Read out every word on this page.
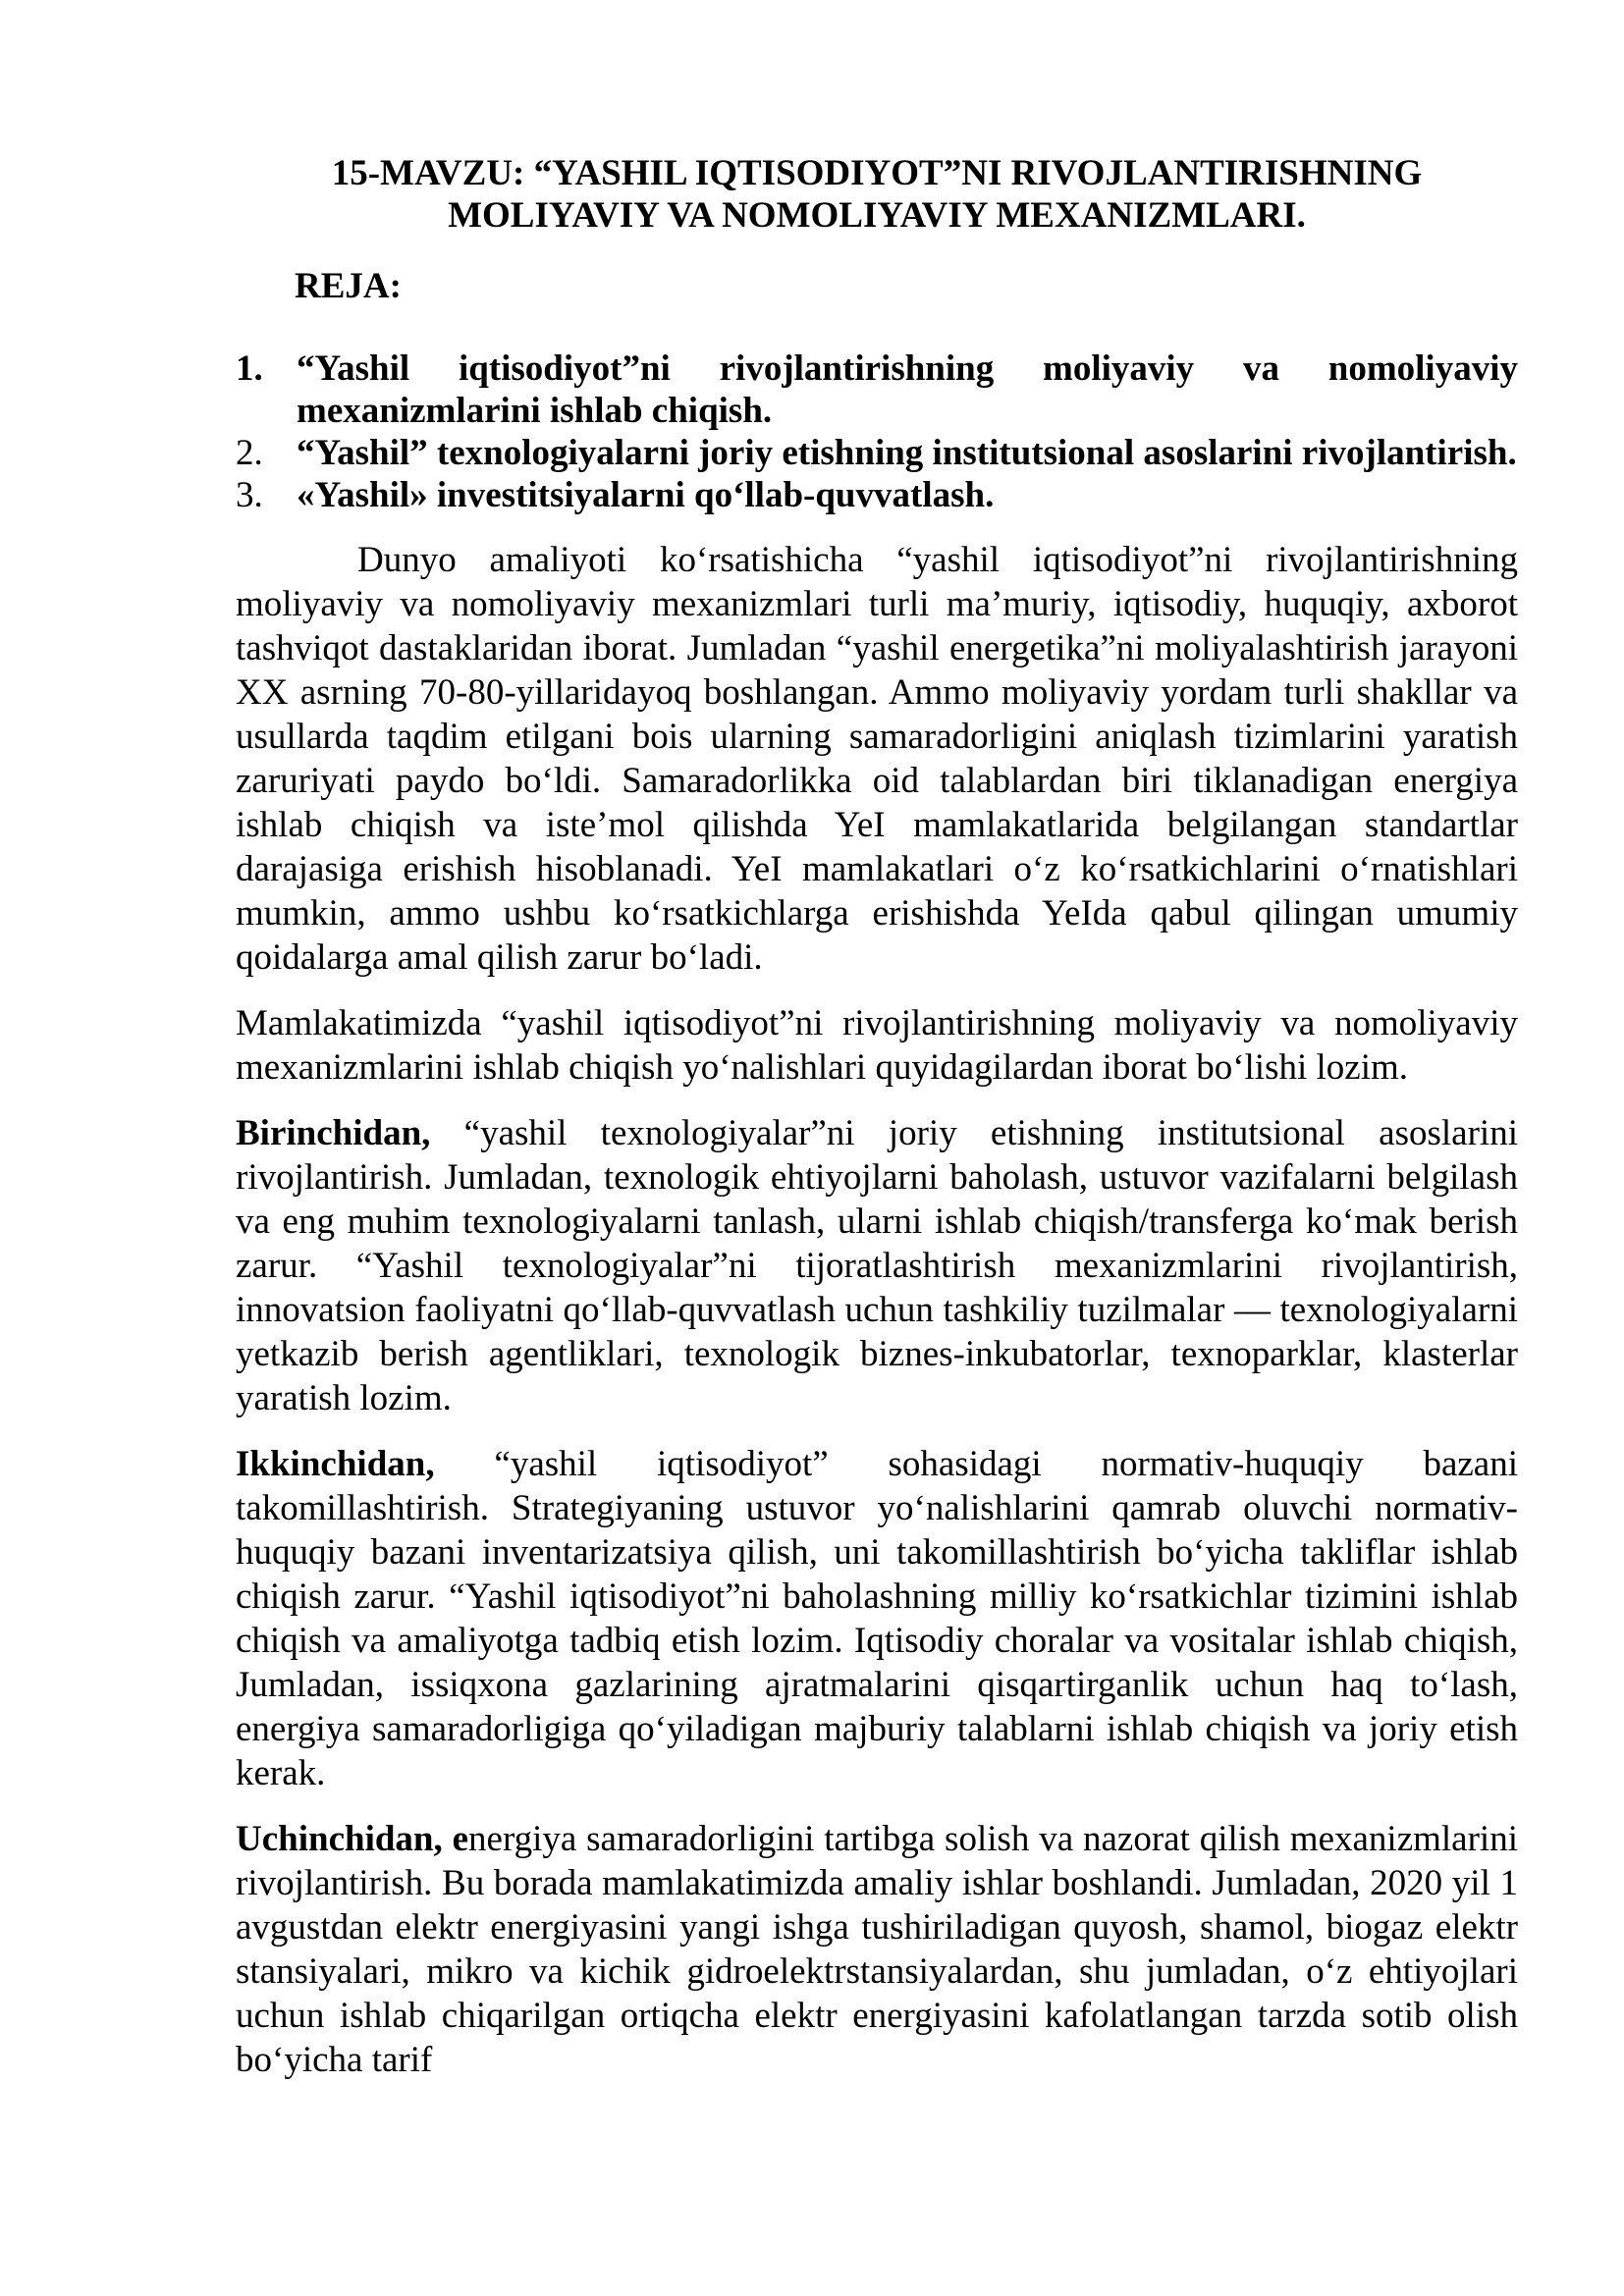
15-MAVZU: “YASHIL IQTISODIYOT”NI RIVOJLANTIRISHNING
MOLIYAVIY VA NOMOLIYAVIY MEXANIZMLARI.
REJA:
1. “Yashil iqtisodiyot”ni rivojlantirishning moliyaviy va nomoliyaviy mexanizmlarini ishlab chiqish.
2. “Yashil” texnologiyalarni joriy etishning institutsional asoslarini rivojlantirish.
3. «Yashil» investitsiyalarni qo‘llab-quvvatlash.

Dunyo amaliyoti ko‘rsatishicha “yashil iqtisodiyot”ni rivojlantirishning moliyaviy va nomoliyaviy mexanizmlari turli ma’muriy, iqtisodiy, huquqiy, axborot tashviqot dastaklaridan iborat. Jumladan “yashil energetika”ni moliyalashtirish jarayoni XX asrning 70-80-yillaridayoq boshlangan. Ammo moliyaviy yordam turli shakllar va usullarda taqdim etilgani bois ularning samaradorligini aniqlash tizimlarini yaratish zaruriyati paydo bo‘ldi. Samaradorlikka oid talablardan biri tiklanadigan energiya ishlab chiqish va iste’mol qilishda YeI mamlakatlarida belgilangan standartlar darajasiga erishish hisoblanadi. YeI mamlakatlari o‘z ko‘rsatkichlarini o‘rnatishlari mumkin, ammo ushbu ko‘rsatkichlarga erishishda YeIda qabul qilingan umumiy qoidalarga amal qilish zarur bo‘ladi.

Mamlakatimizda “yashil iqtisodiyot”ni rivojlantirishning moliyaviy va nomoliyaviy mexanizmlarini ishlab chiqish yo‘nalishlari quyidagilardan iborat bo‘lishi lozim.

Birinchidan, “yashil texnologiyalar”ni joriy etishning institutsional asoslarini rivojlantirish. Jumladan, texnologik ehtiyojlarni baholash, ustuvor vazifalarni belgilash va eng muhim texnologiyalarni tanlash, ularni ishlab chiqish/transferga ko‘mak berish zarur. “Yashil texnologiyalar”ni tijoratlashtirish mexanizmlarini rivojlantirish, innovatsion faoliyatni qo‘llab-quvvatlash uchun tashkiliy tuzilmalar — texnologiyalarni yetkazib berish agentliklari, texnologik biznes-inkubatorlar, texnoparklar, klasterlar yaratish lozim.

Ikkinchidan, “yashil iqtisodiyot” sohasidagi normativ-huquqiy bazani takomillashtirish. Strategiyaning ustuvor yo‘nalishlarini qamrab oluvchi normativ-huquqiy bazani inventarizatsiya qilish, uni takomillashtirish bo‘yicha takliflar ishlab chiqish zarur. “Yashil iqtisodiyot”ni baholashning milliy ko‘rsatkichlar tizimini ishlab chiqish va amaliyotga tadbiq etish lozim. Iqtisodiy choralar va vositalar ishlab chiqish, Jumladan, issiqxona gazlarining ajratmalarini qisqartirganlik uchun haq to‘lash, energiya samaradorligiga qo‘yiladigan majburiy talablarni ishlab chiqish va joriy etish kerak.

Uchinchidan, energiya samaradorligini tartibga solish va nazorat qilish mexanizmlarini rivojlantirish. Bu borada mamlakatimizda amaliy ishlar boshlandi. Jumladan, 2020 yil 1 avgustdan elektr energiyasini yangi ishga tushiriladigan quyosh, shamol, biogaz elektr stansiyalari, mikro va kichik gidroelektrstansiyalardan, shu jumladan, o‘z ehtiyojlari uchun ishlab chiqarilgan ortiqcha elektr energiyasini kafolatlangan tarzda sotib olish bo‘yicha tarif
